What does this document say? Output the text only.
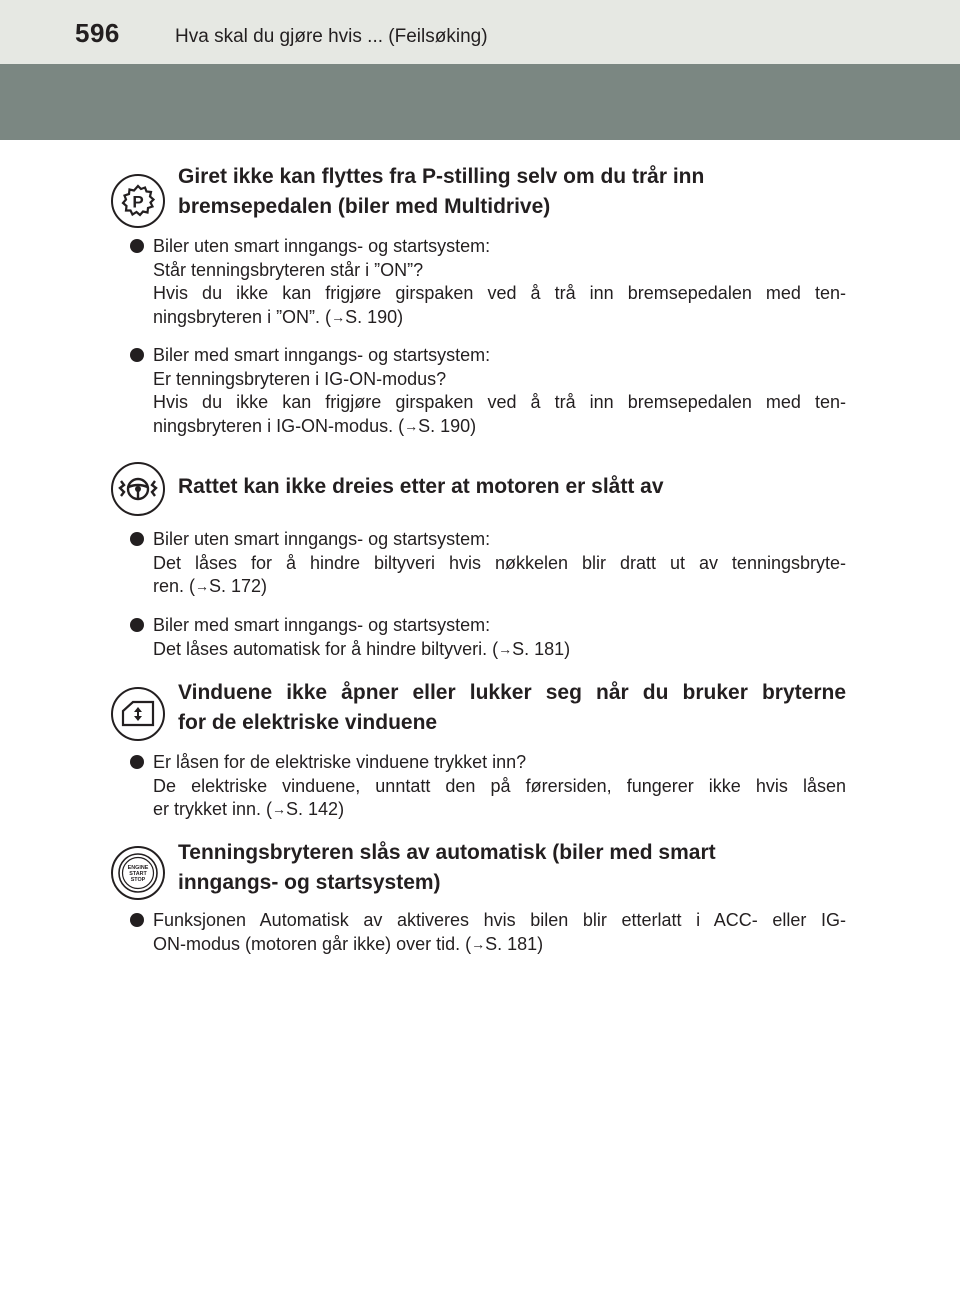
596	Hva skal du gjøre hvis ... (Feilsøking)
P
Giret ikke kan flyttes fra P-stilling selv om du trår inn
bremsepedalen (biler med Multidrive)
Biler uten smart inngangs- og startsystem:
Står tenningsbryteren står i ”ON”?
Hvis du ikke kan frigjøre girspaken ved å trå inn bremsepedalen med ten-
ningsbryteren i ”ON”. (→S. 190)
Biler med smart inngangs- og startsystem:
Er tenningsbryteren i IG-ON-modus?
Hvis du ikke kan frigjøre girspaken ved å trå inn bremsepedalen med ten-
ningsbryteren i IG-ON-modus. (→S. 190)
Rattet kan ikke dreies etter at motoren er slått av
Biler uten smart inngangs- og startsystem:
Det låses for å hindre biltyveri hvis nøkkelen blir dratt ut av tenningsbryte-
ren. (→S. 172)
Biler med smart inngangs- og startsystem:
Det låses automatisk for å hindre biltyveri. (→S. 181)
Vinduene ikke åpner eller lukker seg når du bruker bryterne
for de elektriske vinduene
Er låsen for de elektriske vinduene trykket inn?
De elektriske vinduene, unntatt den på førersiden, fungerer ikke hvis låsen
er trykket inn. (→S. 142)
ENGINE
START
STOP
Tenningsbryteren slås av automatisk (biler med smart
inngangs- og startsystem)
Funksjonen Automatisk av aktiveres hvis bilen blir etterlatt i ACC- eller IG-
ON-modus (motoren går ikke) over tid. (→S. 181)
